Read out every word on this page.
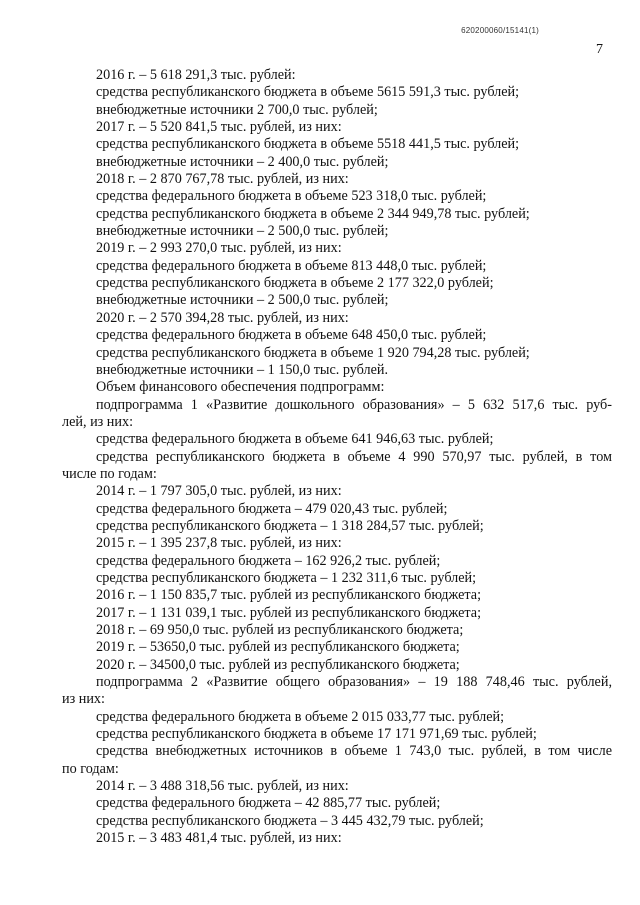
620200060/15141(1)
7
2016 г. – 5 618 291,3 тыс. рублей:
средства республиканского бюджета в объеме 5615 591,3 тыс. рублей;
внебюджетные источники 2 700,0 тыс. рублей;
2017 г. – 5 520 841,5 тыс. рублей, из них:
средства республиканского бюджета в объеме 5518 441,5 тыс. рублей;
внебюджетные источники – 2 400,0 тыс. рублей;
2018 г. – 2 870 767,78 тыс. рублей, из них:
средства федерального бюджета в объеме 523 318,0 тыс. рублей;
средства республиканского бюджета в объеме 2 344 949,78 тыс. рублей;
внебюджетные источники – 2 500,0 тыс. рублей;
2019 г. – 2 993 270,0 тыс. рублей, из них:
средства федерального бюджета в объеме 813 448,0 тыс. рублей;
средства республиканского бюджета в объеме 2 177 322,0 рублей;
внебюджетные источники – 2 500,0 тыс. рублей;
2020 г. – 2 570 394,28 тыс. рублей, из них:
средства федерального бюджета в объеме 648 450,0 тыс. рублей;
средства республиканского бюджета в объеме 1 920 794,28 тыс. рублей;
внебюджетные источники – 1 150,0 тыс. рублей.
Объем финансового обеспечения подпрограмм:
подпрограмма 1 «Развитие дошкольного образования» – 5 632 517,6 тыс. руб-
лей, из них:
средства федерального бюджета в объеме 641 946,63 тыс. рублей;
средства республиканского бюджета в объеме 4 990 570,97 тыс. рублей, в том
числе по годам:
2014 г. – 1 797 305,0 тыс. рублей, из них:
средства федерального бюджета – 479 020,43 тыс. рублей;
средства республиканского бюджета – 1 318 284,57 тыс. рублей;
2015 г. – 1 395 237,8 тыс. рублей, из них:
средства федерального бюджета – 162 926,2 тыс. рублей;
средства республиканского бюджета – 1 232 311,6 тыс. рублей;
2016 г. – 1 150 835,7 тыс. рублей из республиканского бюджета;
2017 г. – 1 131 039,1 тыс. рублей из республиканского бюджета;
2018 г. – 69 950,0 тыс. рублей из республиканского бюджета;
2019 г. – 53650,0 тыс. рублей из республиканского бюджета;
2020 г. – 34500,0 тыс. рублей из республиканского бюджета;
подпрограмма 2 «Развитие общего образования» – 19 188 748,46 тыс. рублей,
из них:
средства федерального бюджета в объеме 2 015 033,77 тыс. рублей;
средства республиканского бюджета в объеме 17 171 971,69 тыс. рублей;
средства внебюджетных источников в объеме 1 743,0 тыс. рублей, в том числе
по годам:
2014 г. – 3 488 318,56 тыс. рублей, из них:
средства федерального бюджета – 42 885,77 тыс. рублей;
средства республиканского бюджета – 3 445 432,79 тыс. рублей;
2015 г. – 3 483 481,4 тыс. рублей, из них:
